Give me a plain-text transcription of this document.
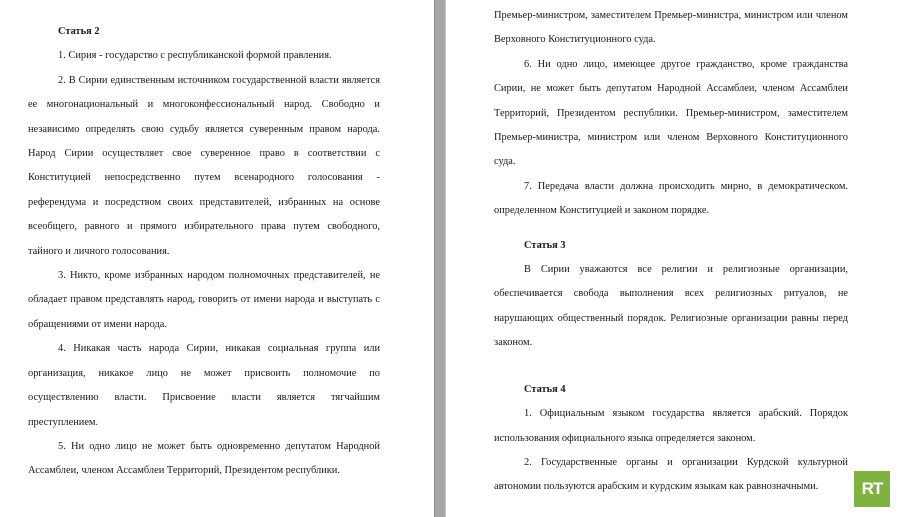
Статья 2

1. Сирия - государство с республиканской формой правления.

2. В Сирии единственным источником государственной власти является ее многонациональный и многоконфессиональный народ. Свободно и независимо определять свою судьбу является суверенным правом народа. Народ Сирии осуществляет свое суверенное право в соответствии с Конституцией непосредственно путем всенародного голосования - референдума и посредством своих представителей, избранных на основе всеобщего, равного и прямого избирательного права путем свободного, тайного и личного голосования.

3. Никто, кроме избранных народом полномочных представителей, не обладает правом представлять народ, говорить от имени народа и выступать с обращениями от имени народа.

4. Никакая часть народа Сирии, никакая социальная группа или организация, никакое лицо не может присвоить полномочие по осуществлению власти. Присвоение власти является тягчайшим преступлением.

5. Ни одно лицо не может быть одновременно депутатом Народной Ассамблеи, членом Ассамблеи Территорий, Президентом республики.

Премьер-министром, заместителем Премьер-министра, министром или членом Верховного Конституционного суда.

6. Ни одно лицо, имеющее другое гражданство, кроме гражданства Сирии, не может быть депутатом Народной Ассамблеи, членом Ассамблеи Территорий, Президентом республики. Премьер-министром, заместителем Премьер-министра, министром или членом Верховного Конституционного суда.

7. Передача власти должна происходить мирно, в демократическом. определенном Конституцией и законом порядке.

Статья 3

В Сирии уважаются все религии и религиозные организации, обеспечивается свобода выполнения всех религиозных ритуалов, не нарушающих общественный порядок. Религиозные организации равны перед законом.

Статья 4

1. Официальным языком государства является арабский. Порядок использования официального языка определяется законом.

2. Государственные органы и организации Курдской культурной автономии пользуются арабским и курдским языкам как равнозначными.	RT
